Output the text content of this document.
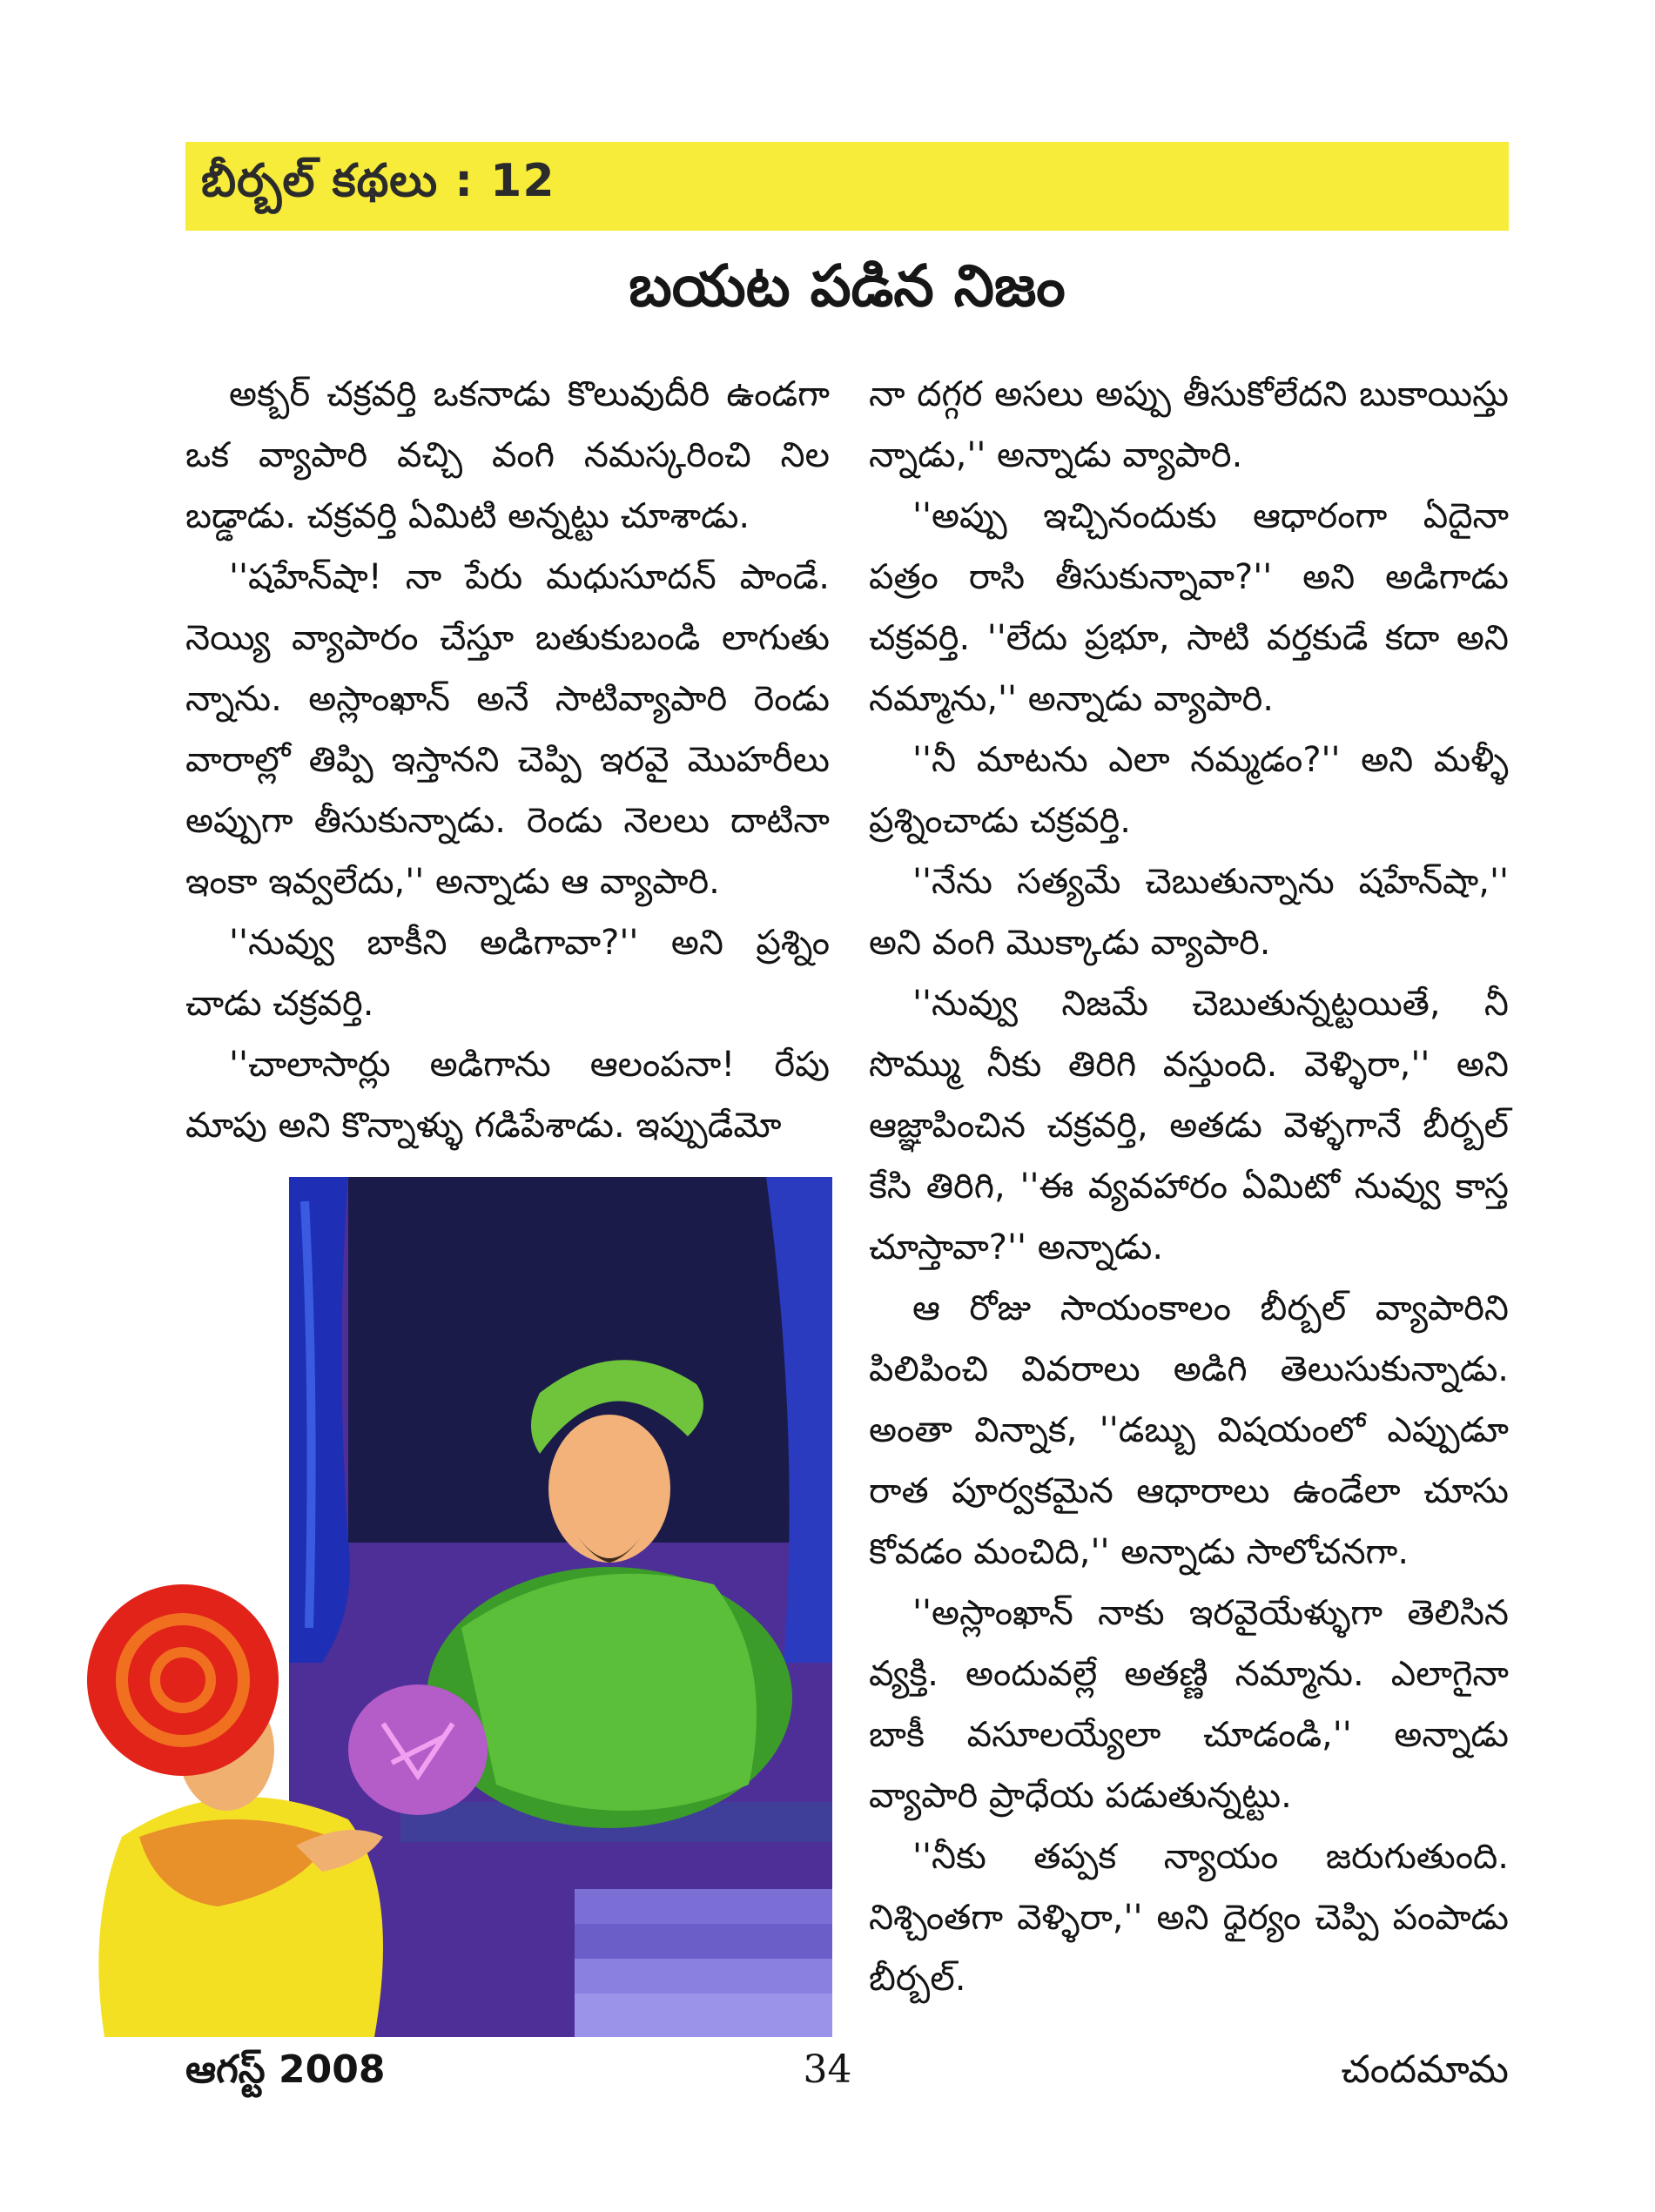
బీర్బల్ కథలు : 12
బయట పడిన నిజం

అక్బర్ చక్రవర్తి ఒకనాడు కొలువుదీరి ఉండగా ఒక వ్యాపారి వచ్చి వంగి నమస్కరించి నిల బడ్డాడు. చక్రవర్తి ఏమిటి అన్నట్టు చూశాడు.

''షహేన్‌షా! నా పేరు మధుసూదన్ పాండే. నెయ్యి వ్యాపారం చేస్తూ బతుకుబండి లాగుతు న్నాను. అస్లాంఖాన్ అనే సాటివ్యాపారి రెండు వారాల్లో తిప్పి ఇస్తానని చెప్పి ఇరవై మొహరీలు అప్పుగా తీసుకున్నాడు. రెండు నెలలు దాటినా ఇంకా ఇవ్వలేదు,'' అన్నాడు ఆ వ్యాపారి.

''నువ్వు బాకీని అడిగావా?'' అని ప్రశ్నిం చాడు చక్రవర్తి.

''చాలాసార్లు అడిగాను ఆలంపనా! రేపు మాపు అని కొన్నాళ్ళు గడిపేశాడు. ఇప్పుడేమో

నా దగ్గర అసలు అప్పు తీసుకోలేదని బుకాయిస్తు న్నాడు,'' అన్నాడు వ్యాపారి.

''అప్పు ఇచ్చినందుకు ఆధారంగా ఏదైనా పత్రం రాసి తీసుకున్నావా?'' అని అడిగాడు చక్రవర్తి. ''లేదు ప్రభూ, సాటి వర్తకుడే కదా అని నమ్మాను,'' అన్నాడు వ్యాపారి.

''నీ మాటను ఎలా నమ్మడం?'' అని మళ్ళీ ప్రశ్నించాడు చక్రవర్తి.

''నేను సత్యమే చెబుతున్నాను షహేన్‌షా,'' అని వంగి మొక్కాడు వ్యాపారి.

''నువ్వు నిజమే చెబుతున్నట్టయితే, నీ సొమ్ము నీకు తిరిగి వస్తుంది. వెళ్ళిరా,'' అని ఆజ్ఞాపించిన చక్రవర్తి, అతడు వెళ్ళగానే బీర్బల్ కేసి తిరిగి, ''ఈ వ్యవహారం ఏమిటో నువ్వు కాస్త చూస్తావా?'' అన్నాడు.

ఆ రోజు సాయంకాలం బీర్బల్ వ్యాపారిని పిలిపించి వివరాలు అడిగి తెలుసుకున్నాడు. అంతా విన్నాక, ''డబ్బు విషయంలో ఎప్పుడూ రాత పూర్వకమైన ఆధారాలు ఉండేలా చూసు కోవడం మంచిది,'' అన్నాడు సాలోచనగా.

''అస్లాంఖాన్ నాకు ఇరవైయేళ్ళుగా తెలిసిన వ్యక్తి. అందువల్లే అతణ్ణి నమ్మాను. ఎలాగైనా బాకీ వసూలయ్యేలా చూడండి,'' అన్నాడు వ్యాపారి ప్రాధేయ పడుతున్నట్టు.

''నీకు తప్పక న్యాయం జరుగుతుంది. నిశ్చింతగా వెళ్ళిరా,'' అని ధైర్యం చెప్పి పంపాడు బీర్బల్.

ఆగస్ట్ 2008	34	చందమామ
